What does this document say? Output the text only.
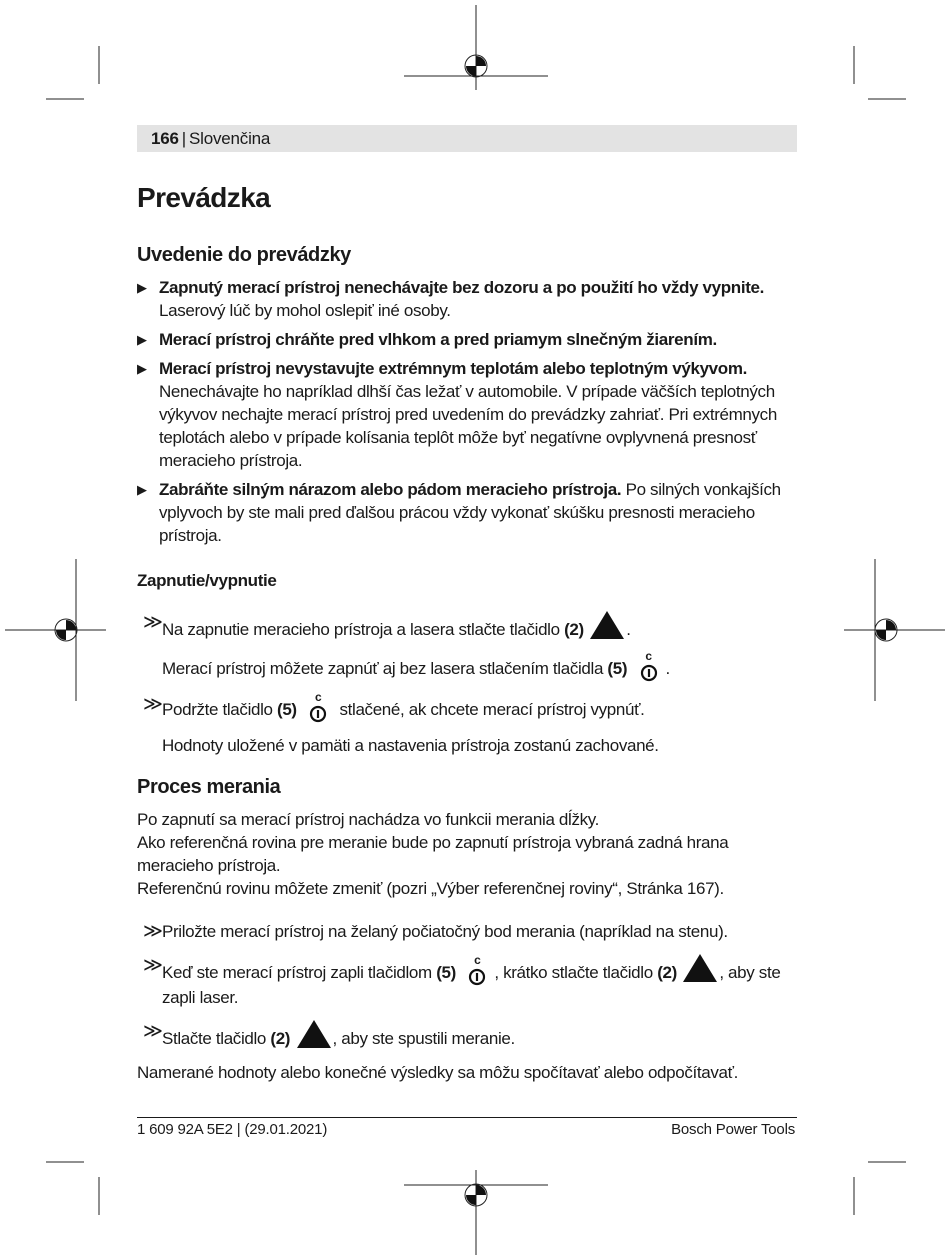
166 | Slovenčina
Prevádzka
Uvedenie do prevádzky
▶ Zapnutý merací prístroj nenechávajte bez dozoru a po použití ho vždy vypnite. Laserový lúč by mohol oslepiť iné osoby.
▶ Merací prístroj chráňte pred vlhkom a pred priamym slnečným žiarením.
▶ Merací prístroj nevystavujte extrémnym teplotám alebo teplotným výkyvom. Nenechávajte ho napríklad dlhší čas ležať v automobile. V prípade väčších teplotných výkyvov nechajte merací prístroj pred uvedením do prevádzky zahriať. Pri extrémnych teplotách alebo v prípade kolísania teplôt môže byť negatívne ovplyvnená presnosť meracieho prístroja.
▶ Zabráňte silným nárazom alebo pádom meracieho prístroja. Po silných vonkajších vplyvoch by ste mali pred ďalšou prácou vždy vykonať skúšku presnosti meracieho prístroja.
Zapnutie/vypnutie
≫ Na zapnutie meracieho prístroja a lasera stlačte tlačidlo (2) .
Merací prístroj môžete zapnúť aj bez lasera stlačením tlačidla (5)
c
.
≫ Podržte tlačidlo (5)
c
stlačené, ak chcete merací prístroj vypnúť.
Hodnoty uložené v pamäti a nastavenia prístroja zostanú zachované.
Proces merania
Po zapnutí sa merací prístroj nachádza vo funkcii merania dĺžky.
Ako referenčná rovina pre meranie bude po zapnutí prístroja vybraná zadná hrana meracieho prístroja.
Referenčnú rovinu môžete zmeniť (pozri „Výber referenčnej roviny“, Stránka 167).
≫ Priložte merací prístroj na želaný počiatočný bod merania (napríklad na stenu).
≫ Keď ste merací prístroj zapli tlačidlom (5)
c
, krátko stlačte tlačidlo (2) , aby ste zapli laser.
≫ Stlačte tlačidlo (2) , aby ste spustili meranie.
Namerané hodnoty alebo konečné výsledky sa môžu spočítavať alebo odpočítavať.
1 609 92A 5E2 | (29.01.2021)	Bosch Power Tools
